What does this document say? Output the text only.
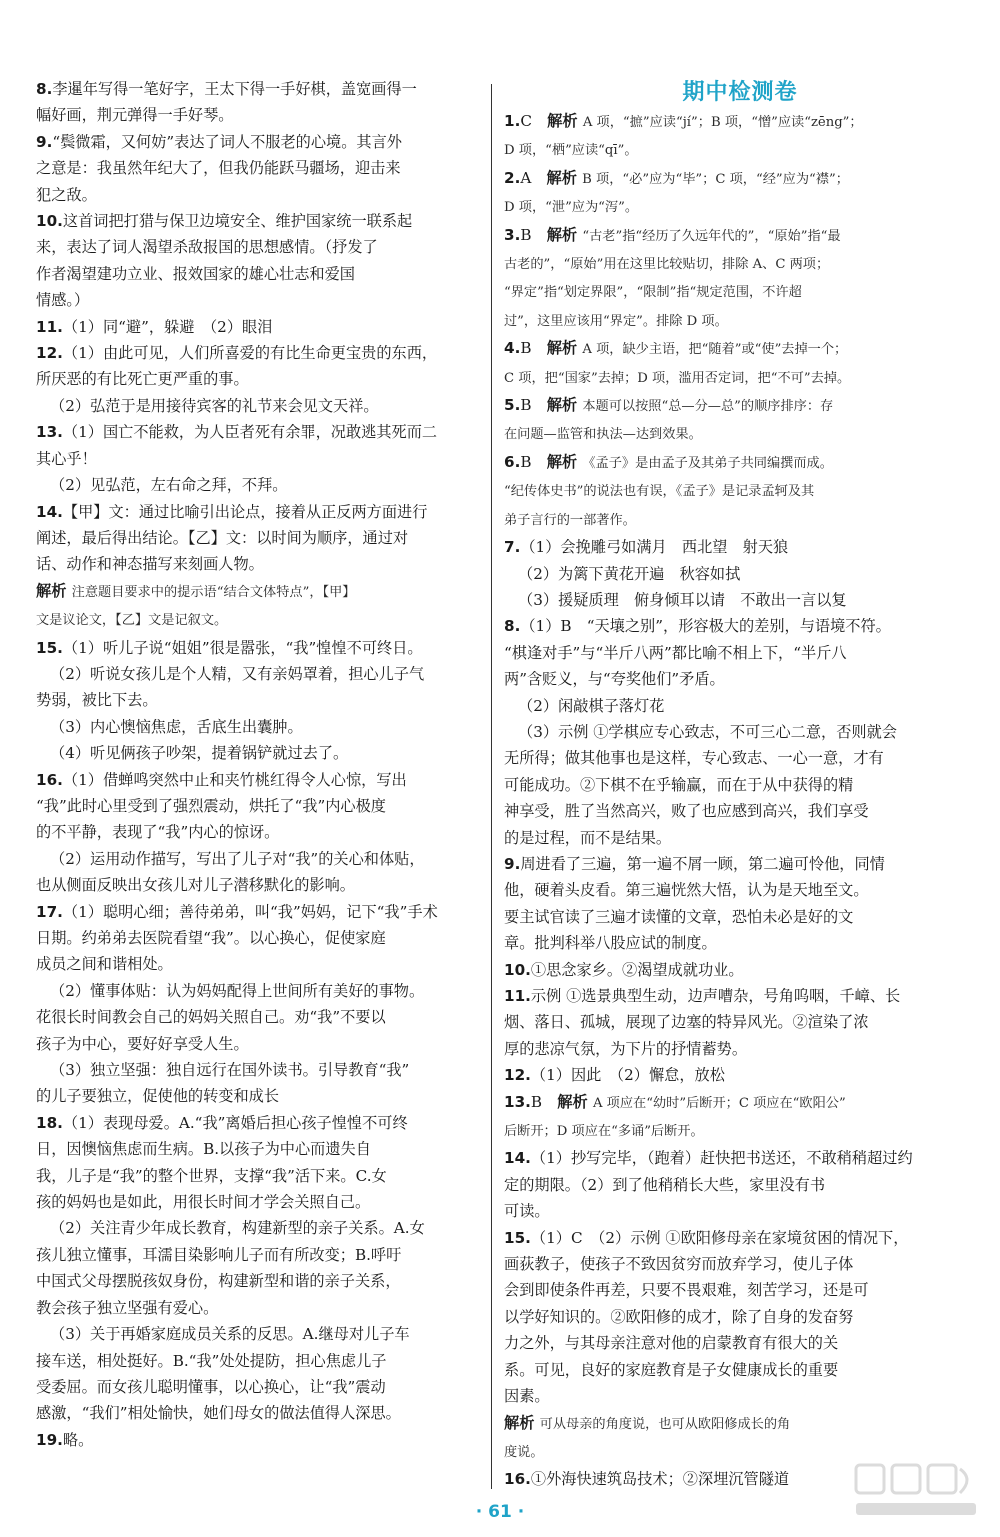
8.李暹年写得一笔好字，王太下得一手好棋，盖宽画得一
幅好画，荆元弹得一手好琴。
9.“鬓微霜，又何妨”表达了词人不服老的心境。其言外
之意是：我虽然年纪大了，但我仍能跃马疆场，迎击来
犯之敌。
10.这首词把打猎与保卫边境安全、维护国家统一联系起
来，表达了词人渴望杀敌报国的思想感情。（抒发了
作者渴望建功立业、报效国家的雄心壮志和爱国
情感。）
11.（1）同“避”，躲避　（2）眼泪
12.（1）由此可见，人们所喜爱的有比生命更宝贵的东西，
所厌恶的有比死亡更严重的事。
（2）弘范于是用接待宾客的礼节来会见文天祥。
13.（1）国亡不能救，为人臣者死有余罪，况敢逃其死而二
其心乎！
（2）见弘范，左右命之拜，不拜。
14.【甲】文：通过比喻引出论点，接着从正反两方面进行
阐述，最后得出结论。【乙】文：以时间为顺序，通过对
话、动作和神态描写来刻画人物。
解析 注意题目要求中的提示语“结合文体特点”，【甲】
文是议论文，【乙】文是记叙文。
15.（1）听儿子说“姐姐”很是嚣张，“我”惶惶不可终日。
（2）听说女孩儿是个人精，又有亲妈罩着，担心儿子气
势弱，被比下去。
（3）内心懊恼焦虑，舌底生出囊肿。
（4）听见俩孩子吵架，提着锅铲就过去了。
16.（1）借蝉鸣突然中止和夹竹桃红得令人心惊，写出
“我”此时心里受到了强烈震动，烘托了“我”内心极度
的不平静，表现了“我”内心的惊讶。
（2）运用动作描写，写出了儿子对“我”的关心和体贴，
也从侧面反映出女孩儿对儿子潜移默化的影响。
17.（1）聪明心细；善待弟弟，叫“我”妈妈，记下“我”手术
日期。约弟弟去医院看望“我”。以心换心，促使家庭
成员之间和谐相处。
（2）懂事体贴：认为妈妈配得上世间所有美好的事物。
花很长时间教会自己的妈妈关照自己。劝“我”不要以
孩子为中心，要好好享受人生。
（3）独立坚强：独自远行在国外读书。引导教育“我”
的儿子要独立，促使他的转变和成长
18.（1）表现母爱。A.“我”离婚后担心孩子惶惶不可终
日，因懊恼焦虑而生病。B.以孩子为中心而遗失自
我，儿子是“我”的整个世界，支撑“我”活下来。C.女
孩的妈妈也是如此，用很长时间才学会关照自己。
（2）关注青少年成长教育，构建新型的亲子关系。A.女
孩儿独立懂事，耳濡目染影响儿子而有所改变；B.呼吁
中国式父母摆脱孩奴身份，构建新型和谐的亲子关系，
教会孩子独立坚强有爱心。
（3）关于再婚家庭成员关系的反思。A.继母对儿子车
接车送，相处挺好。B.“我”处处提防，担心焦虑儿子
受委屈。而女孩儿聪明懂事，以心换心，让“我”震动
感激，“我们”相处愉快，她们母女的做法值得人深思。
19.略。
期中检测卷
1.C　解析 A 项，“摭”应读“jí”；B 项，“憎”应读“zēng”；
D 项，“栖”应读“qī”。
2.A　解析 B 项，“必”应为“毕”；C 项，“经”应为“襟”；
D 项，“泄”应为“泻”。
3.B　解析 “古老”指“经历了久远年代的”，“原始”指“最
古老的”，“原始”用在这里比较贴切，排除 A、C 两项；
“界定”指“划定界限”，“限制”指“规定范围，不许超
过”，这里应该用“界定”。排除 D 项。
4.B　解析 A 项，缺少主语，把“随着”或“使”去掉一个；
C 项，把“国家”去掉；D 项，滥用否定词，把“不可”去掉。
5.B　解析 本题可以按照“总—分—总”的顺序排序：存
在问题—监管和执法—达到效果。
6.B　解析 《孟子》是由孟子及其弟子共同编撰而成。
“纪传体史书”的说法也有误，《孟子》是记录孟轲及其
弟子言行的一部著作。
7.（1）会挽雕弓如满月　西北望　射天狼
（2）为篱下黄花开遍　秋容如拭
（3）援疑质理　俯身倾耳以请　不敢出一言以复
8.（1）B　“天壤之别”，形容极大的差别，与语境不符。
“棋逢对手”与“半斤八两”都比喻不相上下，“半斤八
两”含贬义，与“夸奖他们”矛盾。
（2）闲敲棋子落灯花
（3）示例 ①学棋应专心致志，不可三心二意，否则就会
无所得；做其他事也是这样，专心致志、一心一意，才有
可能成功。②下棋不在乎输赢，而在于从中获得的精
神享受，胜了当然高兴，败了也应感到高兴，我们享受
的是过程，而不是结果。
9.周进看了三遍，第一遍不屑一顾，第二遍可怜他，同情
他，硬着头皮看。第三遍恍然大悟，认为是天地至文。
要主试官读了三遍才读懂的文章，恐怕未必是好的文
章。批判科举八股应试的制度。
10.①思念家乡。②渴望成就功业。
11.示例 ①选景典型生动，边声嘈杂，号角呜咽，千嶂、长
烟、落日、孤城，展现了边塞的特异风光。②渲染了浓
厚的悲凉气氛，为下片的抒情蓄势。
12.（1）因此　（2）懈怠，放松
13.B　解析 A 项应在“幼时”后断开；C 项应在“欧阳公”
后断开；D 项应在“多诵”后断开。
14.（1）抄写完毕，（跑着）赶快把书送还，不敢稍稍超过约
定的期限。（2）到了他稍稍长大些，家里没有书
可读。
15.（1）C　（2）示例 ①欧阳修母亲在家境贫困的情况下，
画荻教子，使孩子不致因贫穷而放弃学习，使儿子体
会到即使条件再差，只要不畏艰难，刻苦学习，还是可
以学好知识的。②欧阳修的成才，除了自身的发奋努
力之外，与其母亲注意对他的启蒙教育有很大的关
系。可见，良好的家庭教育是子女健康成长的重要
因素。
解析 可从母亲的角度说，也可从欧阳修成长的角
度说。
16.①外海快速筑岛技术；②深埋沉管隧道
· 61 ·
